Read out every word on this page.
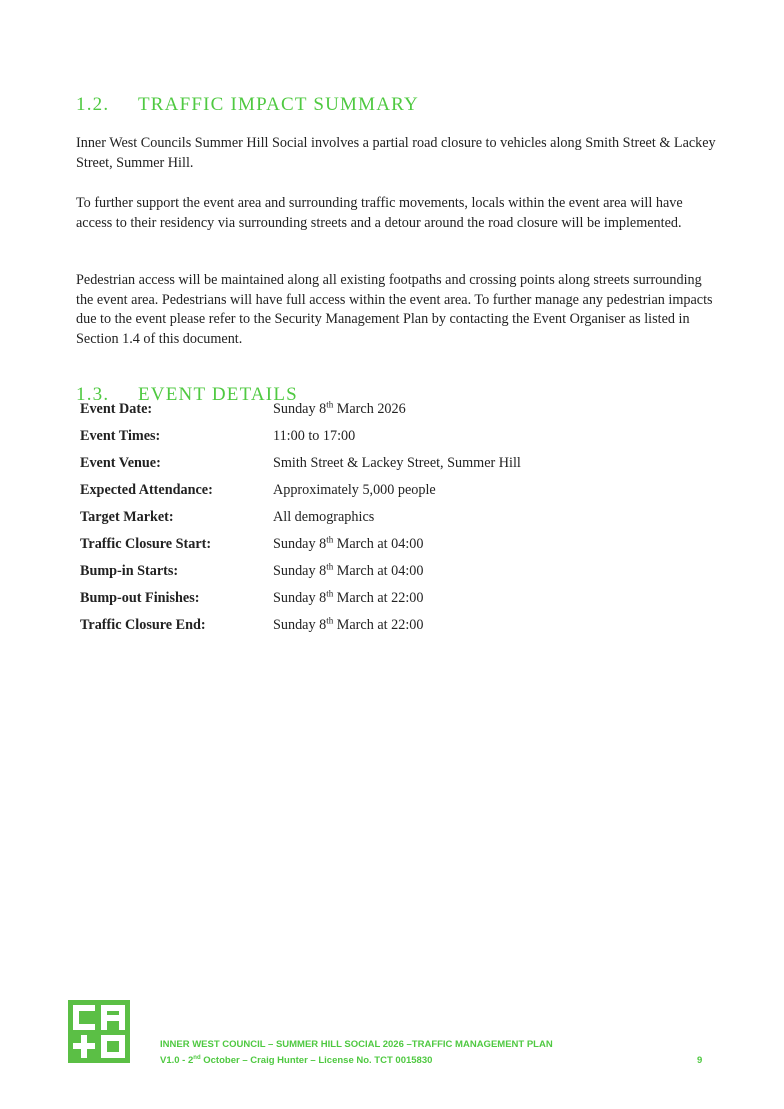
1.2. TRAFFIC IMPACT SUMMARY
Inner West Councils Summer Hill Social involves a partial road closure to vehicles along Smith Street & Lackey Street, Summer Hill.
To further support the event area and surrounding traffic movements, locals within the event area will have access to their residency via surrounding streets and a detour around the road closure will be implemented.
Pedestrian access will be maintained along all existing footpaths and crossing points along streets surrounding the event area. Pedestrians will have full access within the event area. To further manage any pedestrian impacts due to the event please refer to the Security Management Plan by contacting the Event Organiser as listed in Section 1.4 of this document.
1.3. EVENT DETAILS
Event Date:	Sunday 8th March 2026
Event Times:	11:00 to 17:00
Event Venue:	Smith Street & Lackey Street, Summer Hill
Expected Attendance:	Approximately 5,000 people
Target Market:	All demographics
Traffic Closure Start:	Sunday 8th March at 04:00
Bump-in Starts:	Sunday 8th March at 04:00
Bump-out Finishes:	Sunday 8th March at 22:00
Traffic Closure End:	Sunday 8th March at 22:00
INNER WEST COUNCIL – SUMMER HILL SOCIAL 2026 –TRAFFIC MANAGEMENT PLAN
V1.0 - 2nd October – Craig Hunter – License No. TCT 0015830	9
